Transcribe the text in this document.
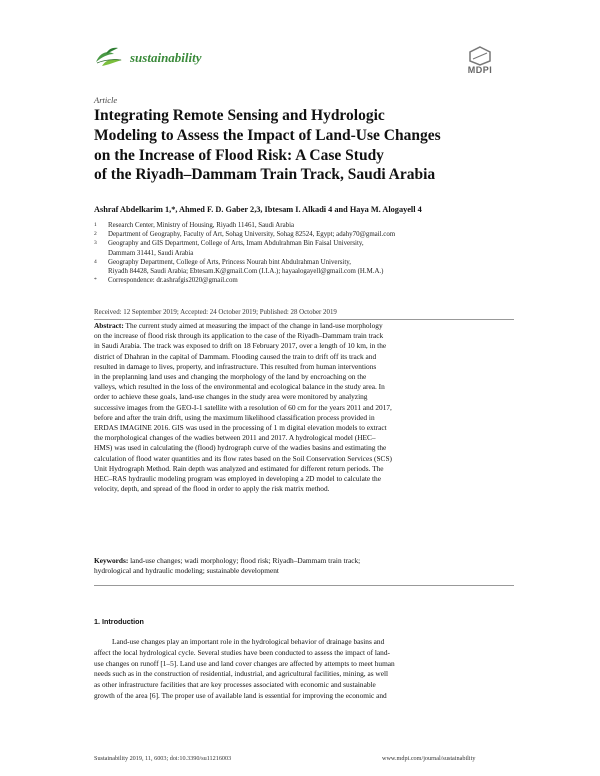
sustainability
MDPI
Article
Integrating Remote Sensing and Hydrologic
Modeling to Assess the Impact of Land-Use Changes
on the Increase of Flood Risk: A Case Study
of the Riyadh–Dammam Train Track, Saudi Arabia
Ashraf Abdelkarim 1,*, Ahmed F. D. Gaber 2,3, Ibtesam I. Alkadi 4 and Haya M. Alogayell 4
1	Research Center, Ministry of Housing, Riyadh 11461, Saudi Arabia
2	Department of Geography, Faculty of Art, Sohag University, Sohag 82524, Egypt; adahy70@gmail.com
3	Geography and GIS Department, College of Arts, Imam Abdulrahman Bin Faisal University,
Dammam 31441, Saudi Arabia
4	Geography Department, College of Arts, Princess Nourah bint Abdulrahman University,
Riyadh 84428, Saudi Arabia; Ebtesam.K@gmail.Com (I.I.A.); hayaalogayell@gmail.com (H.M.A.)
*	Correspondence: dr.ashrafgis2020@gmail.com
Received: 12 September 2019; Accepted: 24 October 2019; Published: 28 October 2019
Abstract: The current study aimed at measuring the impact of the change in land-use morphology
on the increase of flood risk through its application to the case of the Riyadh–Dammam train track
in Saudi Arabia. The track was exposed to drift on 18 February 2017, over a length of 10 km, in the
district of Dhahran in the capital of Dammam. Flooding caused the train to drift off its track and
resulted in damage to lives, property, and infrastructure. This resulted from human interventions
in the preplanning land uses and changing the morphology of the land by encroaching on the
valleys, which resulted in the loss of the environmental and ecological balance in the study area. In
order to achieve these goals, land-use changes in the study area were monitored by analyzing
successive images from the GEO-I-1 satellite with a resolution of 60 cm for the years 2011 and 2017,
before and after the train drift, using the maximum likelihood classification process provided in
ERDAS IMAGINE 2016. GIS was used in the processing of 1 m digital elevation models to extract
the morphological changes of the wadies between 2011 and 2017. A hydrological model (HEC–
HMS) was used in calculating the (flood) hydrograph curve of the wadies basins and estimating the
calculation of flood water quantities and its flow rates based on the Soil Conservation Services (SCS)
Unit Hydrograph Method. Rain depth was analyzed and estimated for different return periods. The
HEC–RAS hydraulic modeling program was employed in developing a 2D model to calculate the
velocity, depth, and spread of the flood in order to apply the risk matrix method.
Keywords: land-use changes; wadi morphology; flood risk; Riyadh–Dammam train track;
hydrological and hydraulic modeling; sustainable development
1. Introduction
Land-use changes play an important role in the hydrological behavior of drainage basins and
affect the local hydrological cycle. Several studies have been conducted to assess the impact of land-
use changes on runoff [1–5]. Land use and land cover changes are affected by attempts to meet human
needs such as in the construction of residential, industrial, and agricultural facilities, mining, as well
as other infrastructure facilities that are key processes associated with economic and sustainable
growth of the area [6]. The proper use of available land is essential for improving the economic and
Sustainability 2019, 11, 6003; doi:10.3390/su11216003	www.mdpi.com/journal/sustainability
